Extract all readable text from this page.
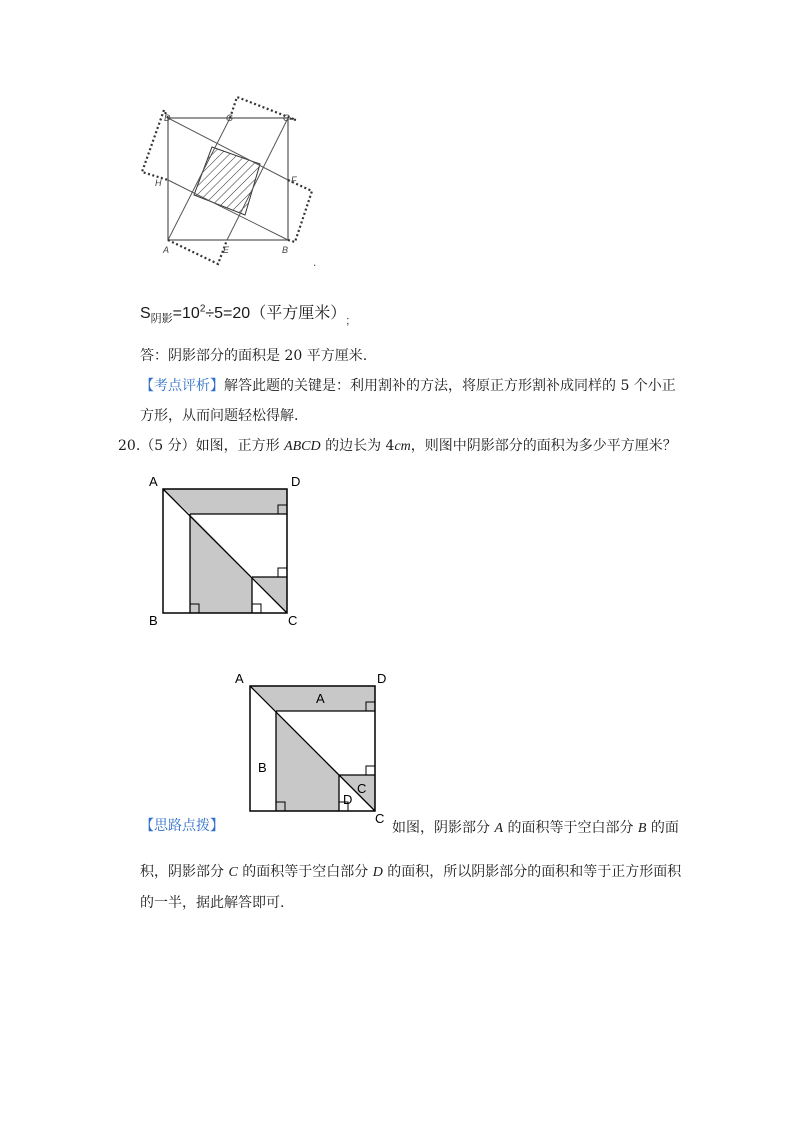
D	G	C
H	F
A	E	B
.
$S_{阴影}=10^2\div 5=20$（平方厘米）$_;$
答：阴影部分的面积是 20 平方厘米.
【考点评析】解答此题的关键是：利用割补的方法，将原正方形割补成同样的 5 个小正
方形，从而问题轻松得解.
20.（5 分）如图，正方形 ABCD 的边长为 4cm，则图中阴影部分的面积为多少平方厘米？
A	D
B	C
A	D
C
A
B
C
D
【思路点拨】	如图，阴影部分 A 的面积等于空白部分 B 的面
积，阴影部分 C 的面积等于空白部分 D 的面积，所以阴影部分的面积和等于正方形面积
的一半，据此解答即可.
